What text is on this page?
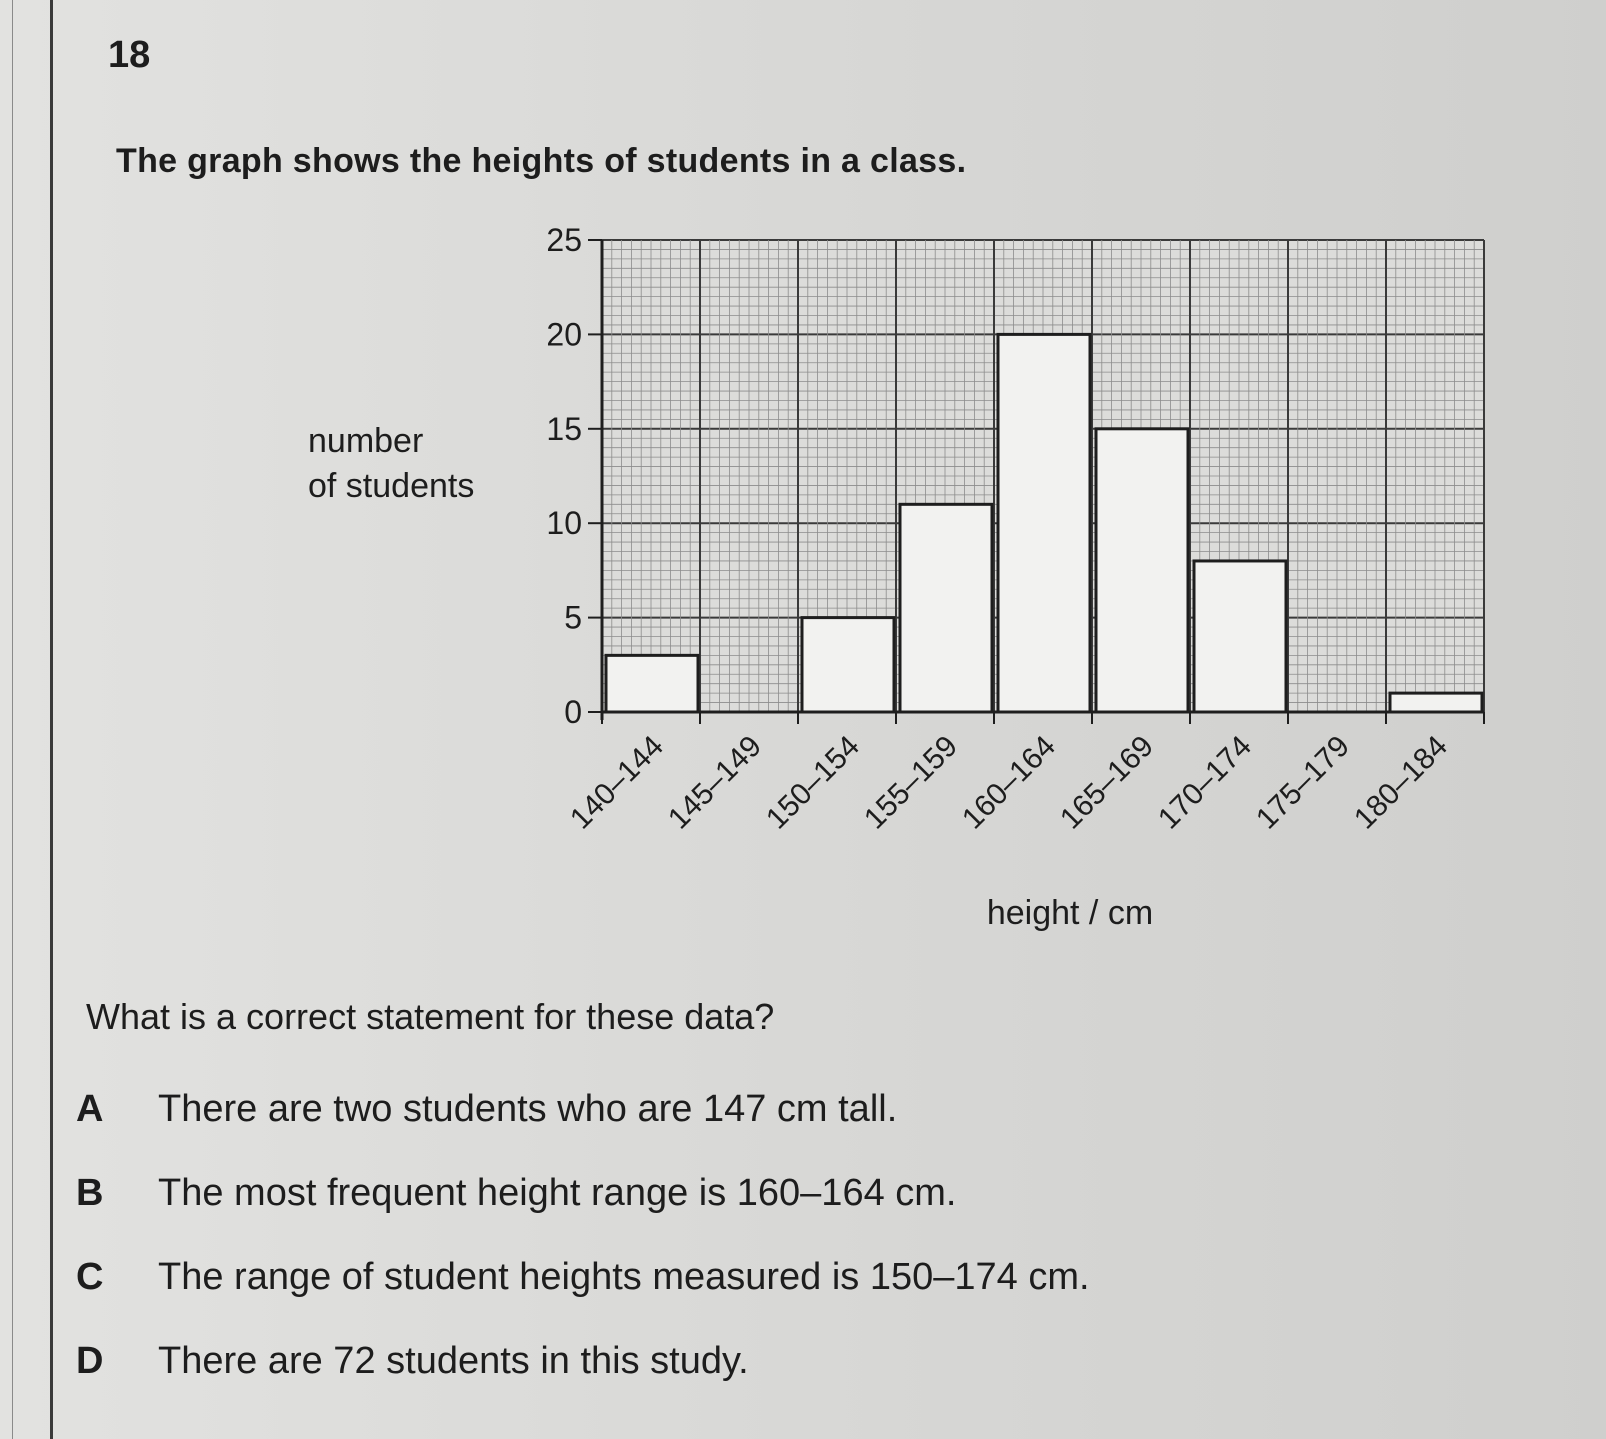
18
The graph shows the heights of students in a class.
0
5
10
15
20
25
140–144
145–149
150–154
155–159
160–164
165–169
170–174
175–179
180–184
number
of students
height / cm
What is a correct statement for these data?
A	There are two students who are 147 cm tall.
B	The most frequent height range is 160–164 cm.
C	The range of student heights measured is 150–174 cm.
D	There are 72 students in this study.
